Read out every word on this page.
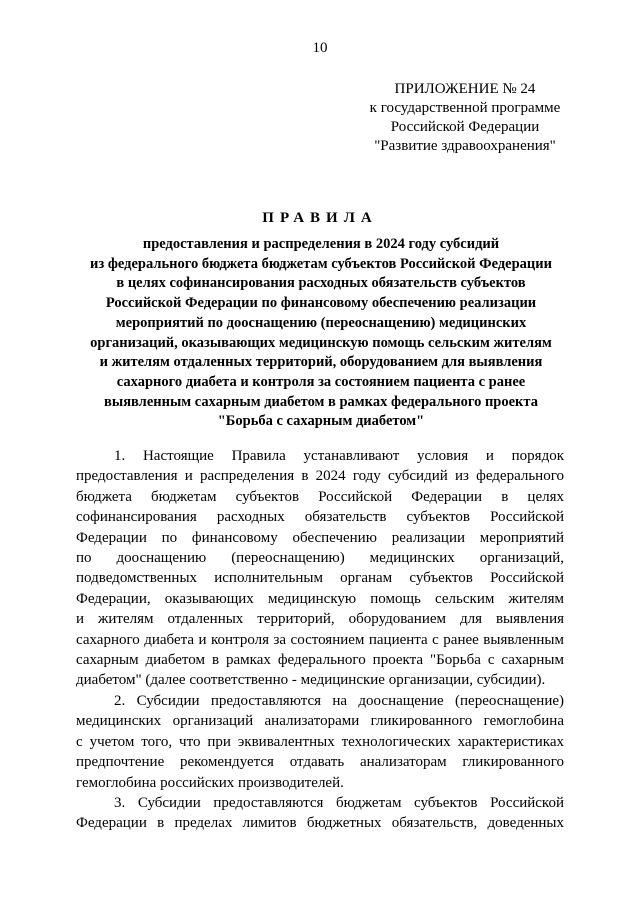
10
ПРИЛОЖЕНИЕ № 24
к государственной программе
Российской Федерации
"Развитие здравоохранения"
ПРАВИЛА
предоставления и распределения в 2024 году субсидий
из федерального бюджета бюджетам субъектов Российской Федерации
в целях софинансирования расходных обязательств субъектов
Российской Федерации по финансовому обеспечению реализации
мероприятий по дооснащению (переоснащению) медицинских
организаций, оказывающих медицинскую помощь сельским жителям
и жителям отдаленных территорий, оборудованием для выявления
сахарного диабета и контроля за состоянием пациента с ранее
выявленным сахарным диабетом в рамках федерального проекта
"Борьба с сахарным диабетом"
1. Настоящие Правила устанавливают условия и порядок
предоставления и распределения в 2024 году субсидий из федерального
бюджета бюджетам субъектов Российской Федерации в целях
софинансирования расходных обязательств субъектов Российской
Федерации по финансовому обеспечению реализации мероприятий
по дооснащению (переоснащению) медицинских организаций,
подведомственных исполнительным органам субъектов Российской
Федерации, оказывающих медицинскую помощь сельским жителям
и жителям отдаленных территорий, оборудованием для выявления
сахарного диабета и контроля за состоянием пациента с ранее выявленным
сахарным диабетом в рамках федерального проекта "Борьба с сахарным
диабетом" (далее соответственно - медицинские организации, субсидии).
2. Субсидии предоставляются на дооснащение (переоснащение)
медицинских организаций анализаторами гликированного гемоглобина
с учетом того, что при эквивалентных технологических характеристиках
предпочтение рекомендуется отдавать анализаторам гликированного
гемоглобина российских производителей.
3. Субсидии предоставляются бюджетам субъектов Российской
Федерации в пределах лимитов бюджетных обязательств, доведенных
